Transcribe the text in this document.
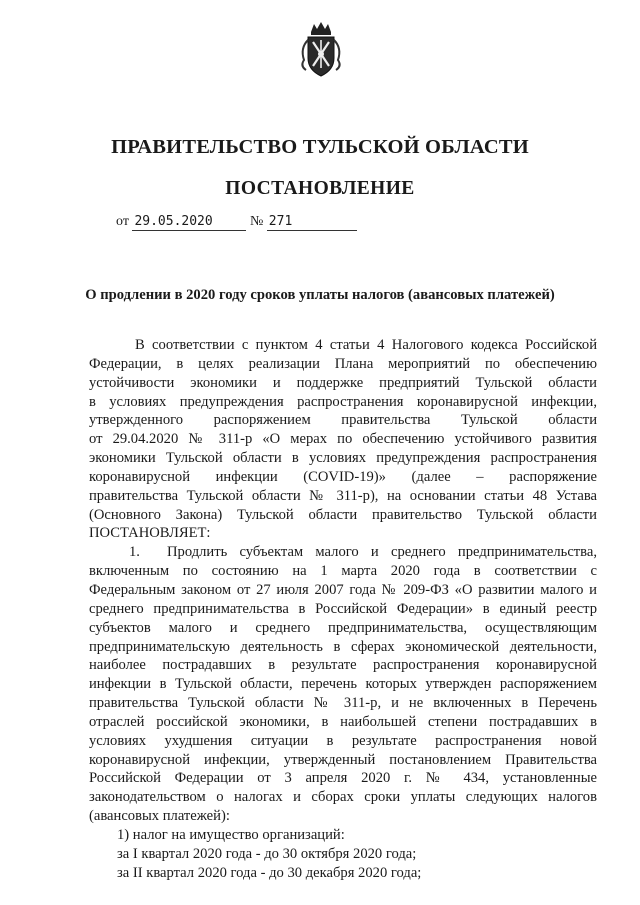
ПРАВИТЕЛЬСТВО ТУЛЬСКОЙ ОБЛАСТИ
ПОСТАНОВЛЕНИЕ
от 29.05.2020	№ 271
О продлении в 2020 году сроков уплаты налогов (авансовых платежей)

В соответствии с пунктом 4 статьи 4 Налогового кодекса Российской

Федерации, в целях реализации Плана мероприятий по обеспечению

устойчивости экономики и поддержке предприятий Тульской области

в условиях предупреждения распространения коронавирусной инфекции,

утвержденного распоряжением правительства Тульской области

от 29.04.2020 № 311-р «О мерах по обеспечению устойчивого развития

экономики Тульской области в условиях предупреждения распространения

коронавирусной инфекции (COVID-19)» (далее – распоряжение

правительства Тульской области № 311-р), на основании статьи 48 Устава

(Основного Закона) Тульской области правительство Тульской области

ПОСТАНОВЛЯЕТ:

1. Продлить субъектам малого и среднего предпринимательства,

включенным по состоянию на 1 марта 2020 года в соответствии с

Федеральным законом от 27 июля 2007 года № 209-ФЗ «О развитии малого и

среднего предпринимательства в Российской Федерации» в единый реестр

субъектов малого и среднего предпринимательства, осуществляющим

предпринимательскую деятельность в сферах экономической деятельности,

наиболее пострадавших в результате распространения коронавирусной

инфекции в Тульской области, перечень которых утвержден распоряжением

правительства Тульской области № 311-р, и не включенных в Перечень

отраслей российской экономики, в наибольшей степени пострадавших в

условиях ухудшения ситуации в результате распространения новой

коронавирусной инфекции, утвержденный постановлением Правительства

Российской Федерации от 3 апреля 2020 г. № 434, установленные

законодательством о налогах и сборах сроки уплаты следующих налогов

(авансовых платежей):

1) налог на имущество организаций:

за I квартал 2020 года - до 30 октября 2020 года;

за II квартал 2020 года - до 30 декабря 2020 года;
